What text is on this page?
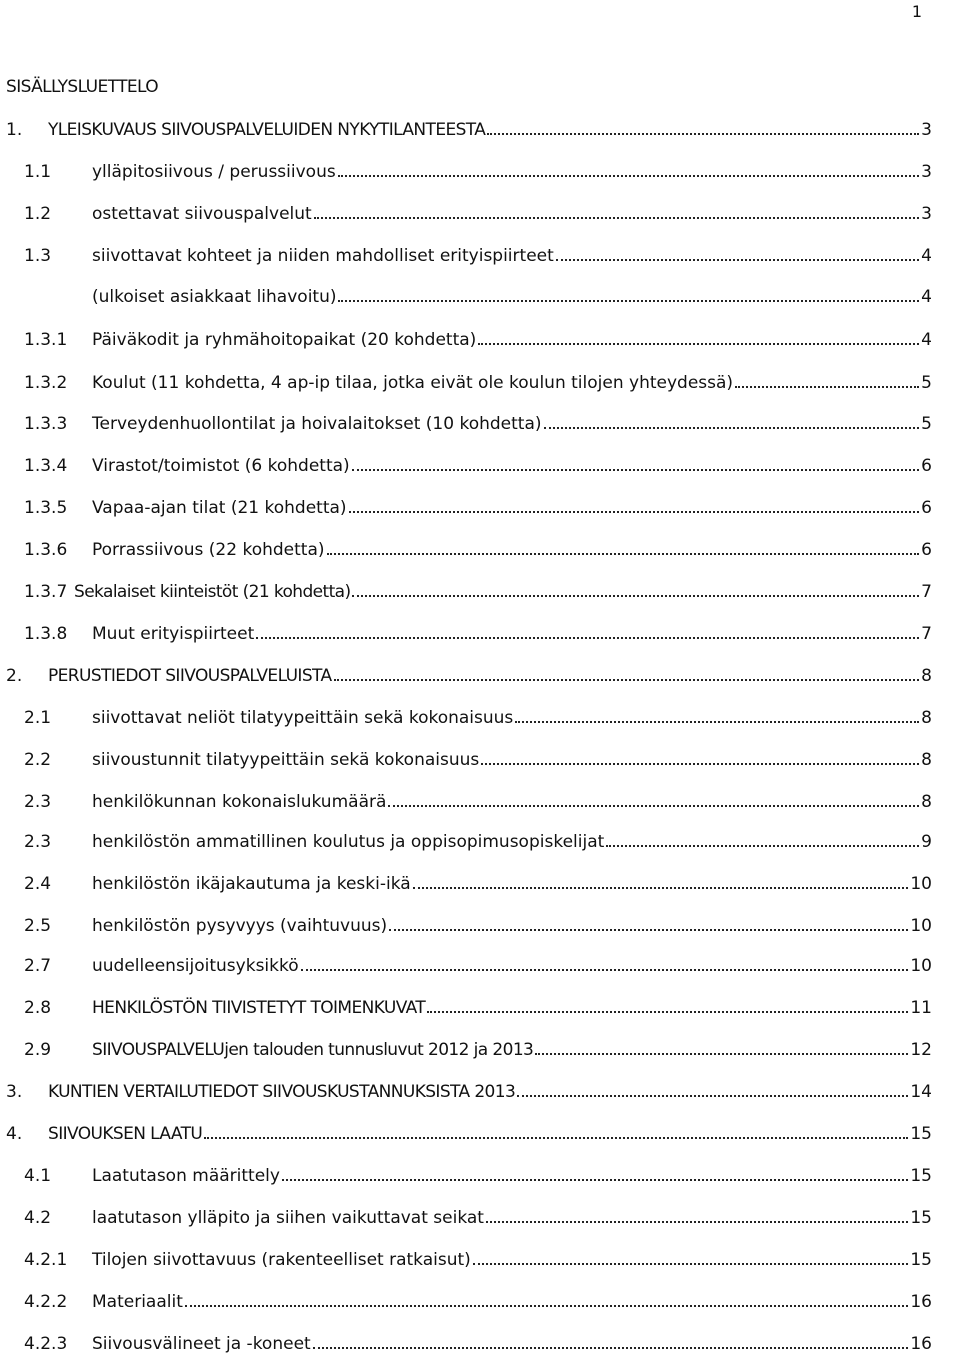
1
SISÄLLYSLUETTELO
1.	YLEISKUVAUS SIIVOUSPALVELUIDEN NYKYTILANTEESTA	3
1.1	ylläpitosiivous / perussiivous	3
1.2	ostettavat siivouspalvelut	3
1.3	siivottavat kohteet ja niiden mahdolliset erityispiirteet	4
(ulkoiset asiakkaat lihavoitu)	4
1.3.1	Päiväkodit ja ryhmähoitopaikat (20 kohdetta)	4
1.3.2	Koulut (11 kohdetta, 4 ap-ip tilaa, jotka eivät ole koulun tilojen yhteydessä)	5
1.3.3	Terveydenhuollontilat ja hoivalaitokset (10 kohdetta)	5
1.3.4	Virastot/toimistot (6 kohdetta)	6
1.3.5	Vapaa-ajan tilat (21 kohdetta)	6
1.3.6	Porrassiivous (22 kohdetta)	6
1.3.7 Sekalaiset kiinteistöt (21 kohdetta)	7
1.3.8	Muut erityispiirteet	7
2.	PERUSTIEDOT SIIVOUSPALVELUISTA	8
2.1	siivottavat neliöt tilatyypeittäin sekä kokonaisuus	8
2.2	siivoustunnit tilatyypeittäin sekä kokonaisuus	8
2.3	henkilökunnan kokonaislukumäärä	8
2.3	henkilöstön ammatillinen koulutus ja oppisopimusopiskelijat	9
2.4	henkilöstön ikäjakautuma ja keski-ikä	10
2.5	henkilöstön pysyvyys (vaihtuvuus)	10
2.7	uudelleensijoitusyksikkö	10
2.8	HENKILÖSTÖN TIIVISTETYT TOIMENKUVAT	11
2.9	SIIVOUSPALVELUjen talouden tunnusluvut 2012 ja 2013	12
3.	KUNTIEN VERTAILUTIEDOT SIIVOUSKUSTANNUKSISTA 2013	14
4.	SIIVOUKSEN LAATU	15
4.1	Laatutason määrittely	15
4.2	laatutason ylläpito ja siihen vaikuttavat seikat	15
4.2.1	Tilojen siivottavuus (rakenteelliset ratkaisut)	15
4.2.2	Materiaalit	16
4.2.3	Siivousvälineet ja -koneet	16
